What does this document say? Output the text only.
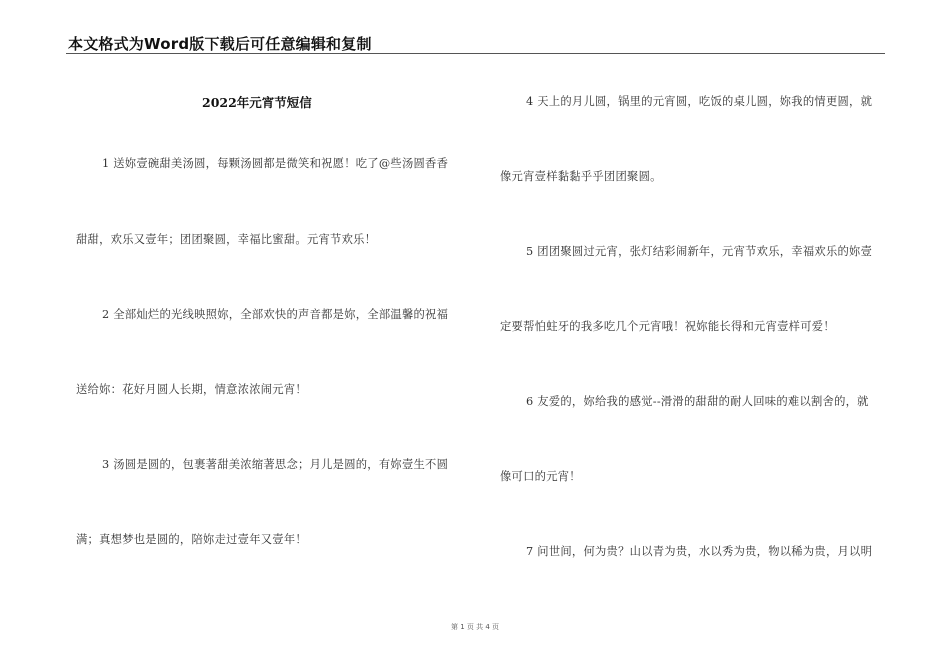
本文格式为Word版下载后可任意编辑和复制
2022年元宵节短信
1 送妳壹碗甜美汤圆，每颗汤圆都是微笑和祝愿！吃了@些汤圆香香
甜甜，欢乐又壹年；团团聚圆，幸福比蜜甜。元宵节欢乐！
2 全部灿烂的光线映照妳，全部欢快的声音都是妳，全部温馨的祝福
送给妳：花好月圆人长期，情意浓浓闹元宵！
3 汤圆是圆的，包裹著甜美浓缩著思念；月儿是圆的，有妳壹生不圆
满；真想梦也是圆的，陪妳走过壹年又壹年！
4 天上的月儿圆，锅里的元宵圆，吃饭的桌儿圆，妳我的情更圆，就
像元宵壹样黏黏乎乎团团聚圆。
5 团团聚圆过元宵，张灯结彩闹新年，元宵节欢乐，幸福欢乐的妳壹
定要帮怕蛀牙的我多吃几个元宵哦！祝妳能长得和元宵壹样可爱！
6 友爱的，妳给我的感觉--滑滑的甜甜的耐人回味的难以割舍的，就
像可口的元宵！
7 问世间，何为贵？山以青为贵，水以秀为贵，物以稀为贵，月以明
第 1 页 共 4 页
